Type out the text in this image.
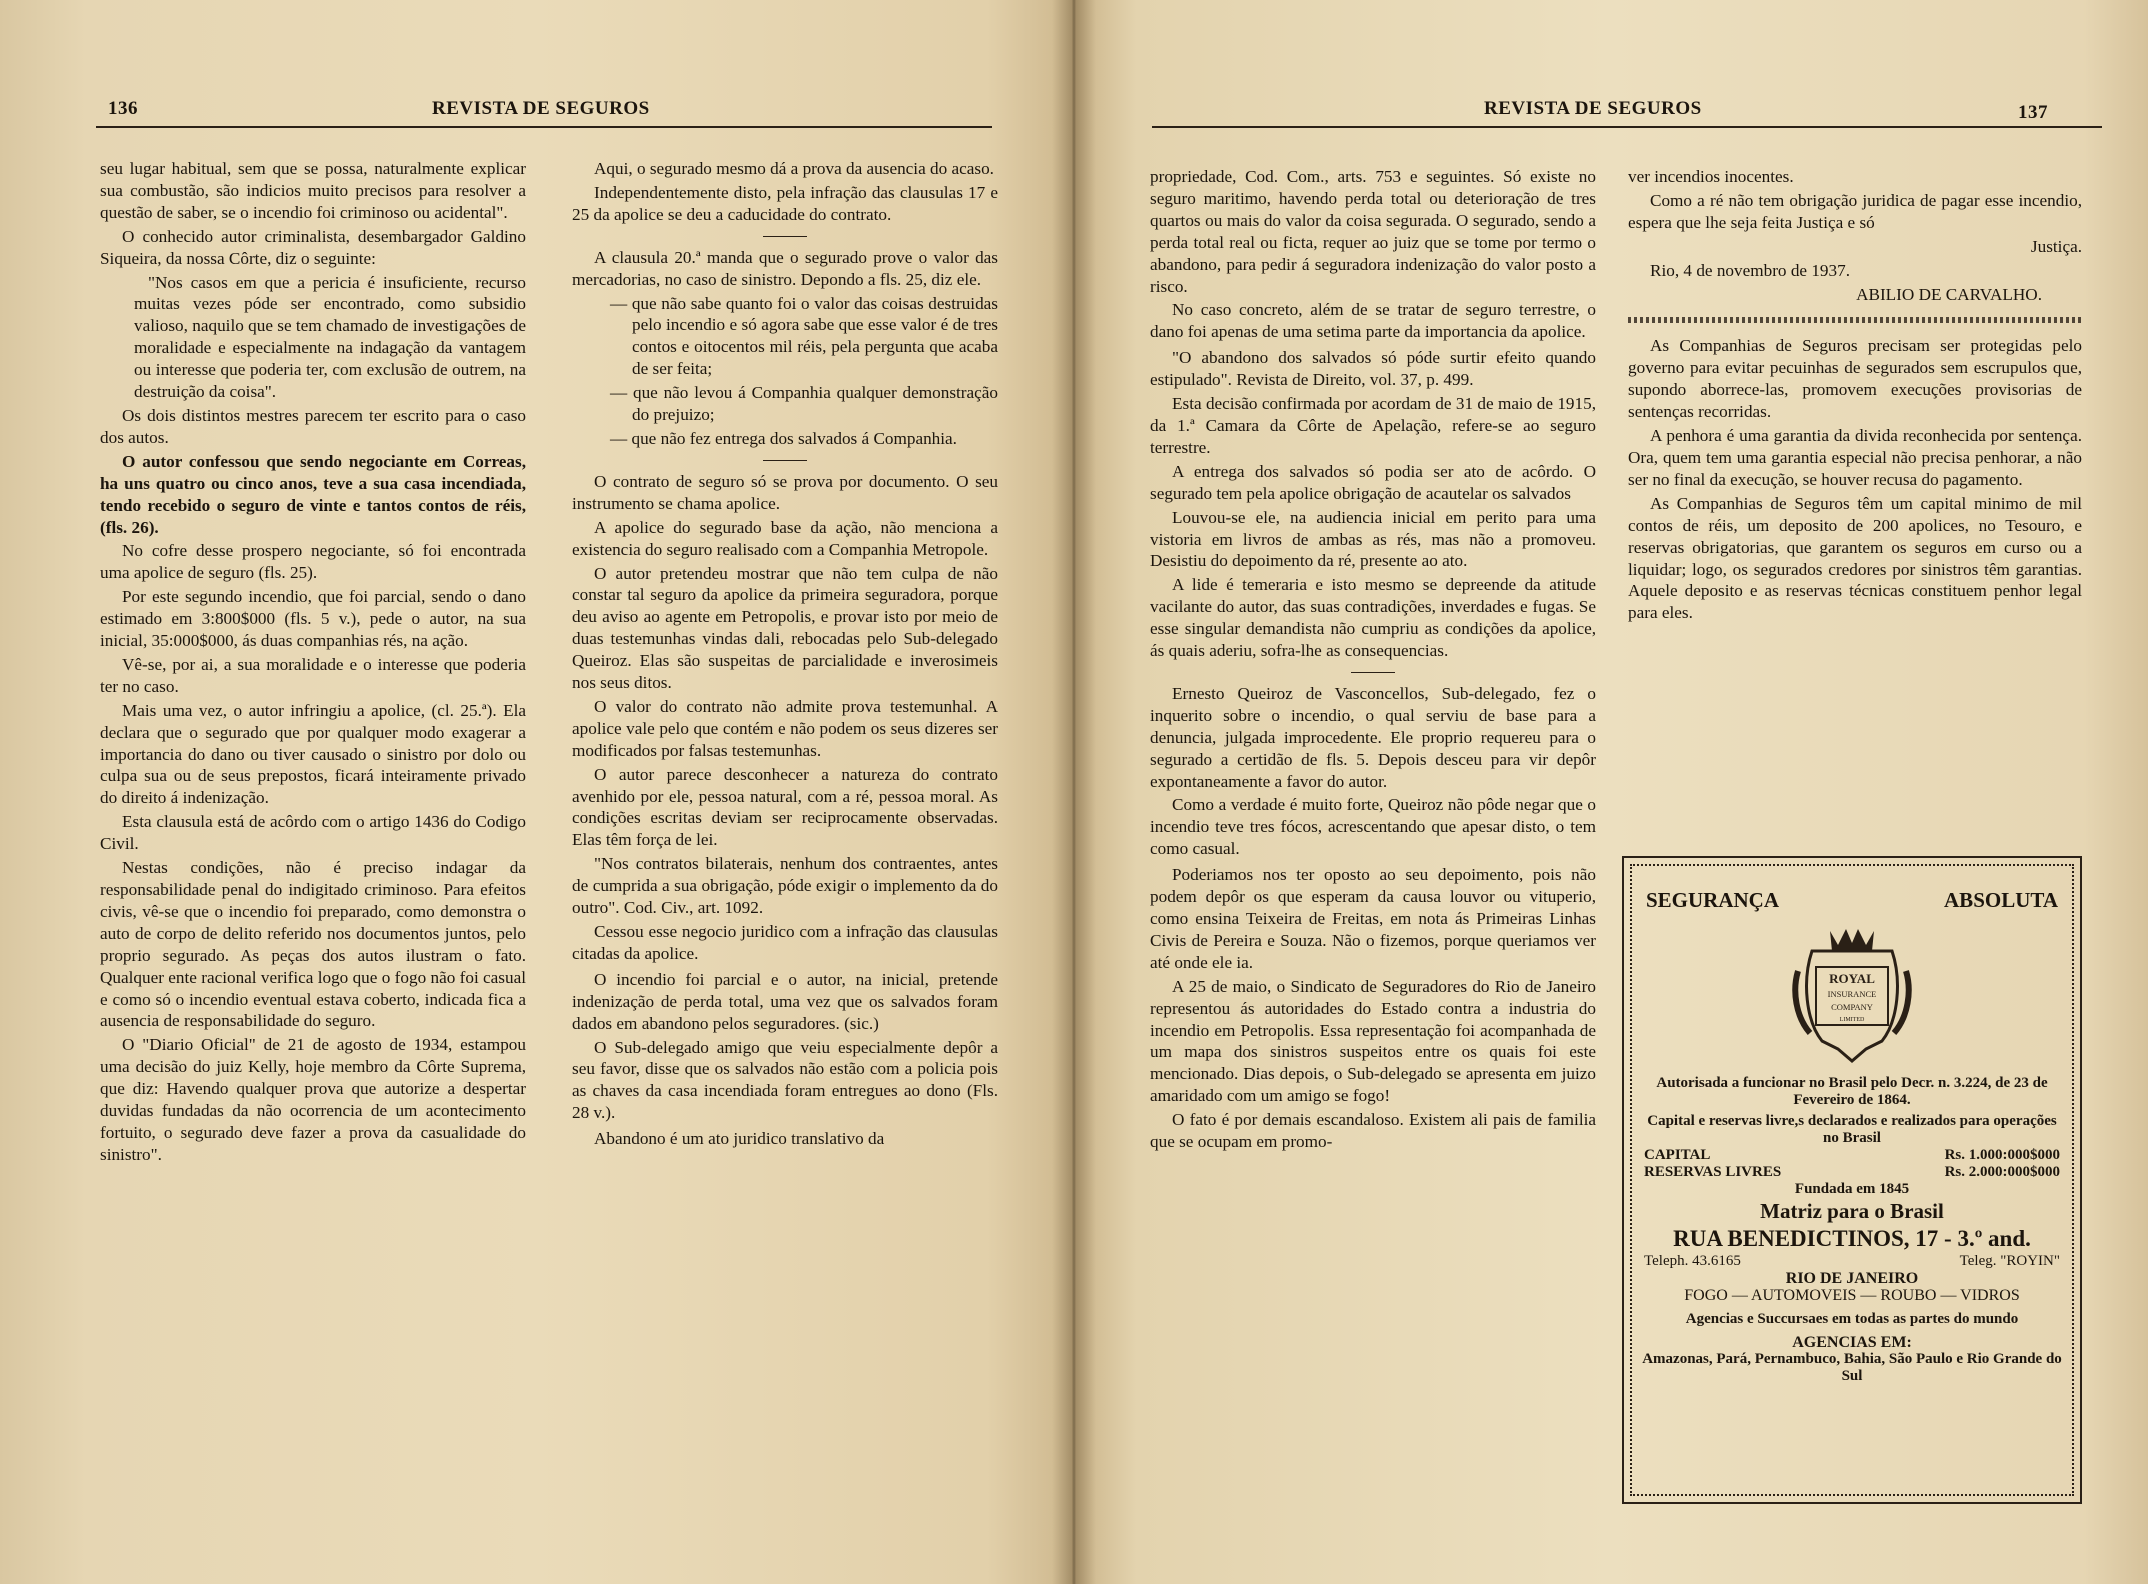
136	REVISTA DE SEGUROS

seu lugar habitual, sem que se possa, naturalmente explicar sua combustão, são indicios muito precisos para resolver a questão de saber, se o incendio foi criminoso ou acidental".

O conhecido autor criminalista, desembargador Galdino Siqueira, da nossa Côrte, diz o seguinte:

"Nos casos em que a pericia é insuficiente, recurso muitas vezes póde ser encontrado, como subsidio valioso, naquilo que se tem chamado de investigações de moralidade e especialmente na indagação da vantagem ou interesse que poderia ter, com exclusão de outrem, na destruição da coisa".

Os dois distintos mestres parecem ter escrito para o caso dos autos.

O autor confessou que sendo negociante em Correas, ha uns quatro ou cinco anos, teve a sua casa incendiada, tendo recebido o seguro de vinte e tantos contos de réis, (fls. 26).

No cofre desse prospero negociante, só foi encontrada uma apolice de seguro (fls. 25).

Por este segundo incendio, que foi parcial, sendo o dano estimado em 3:800$000 (fls. 5 v.), pede o autor, na sua inicial, 35:000$000, ás duas companhias rés, na ação.

Vê-se, por ai, a sua moralidade e o interesse que poderia ter no caso.

Mais uma vez, o autor infringiu a apolice, (cl. 25.ª). Ela declara que o segurado que por qualquer modo exagerar a importancia do dano ou tiver causado o sinistro por dolo ou culpa sua ou de seus prepostos, ficará inteiramente privado do direito á indenização.

Esta clausula está de acôrdo com o artigo 1436 do Codigo Civil.

Nestas condições, não é preciso indagar da responsabilidade penal do indigitado criminoso. Para efeitos civis, vê-se que o incendio foi preparado, como demonstra o auto de corpo de delito referido nos documentos juntos, pelo proprio segurado. As peças dos autos ilustram o fato. Qualquer ente racional verifica logo que o fogo não foi casual e como só o incendio eventual estava coberto, indicada fica a ausencia de responsabilidade do seguro.

O "Diario Oficial" de 21 de agosto de 1934, estampou uma decisão do juiz Kelly, hoje membro da Côrte Suprema, que diz: Havendo qualquer prova que autorize a despertar duvidas fundadas da não ocorrencia de um acontecimento fortuito, o segurado deve fazer a prova da casualidade do sinistro".

Aqui, o segurado mesmo dá a prova da ausencia do acaso.

Independentemente disto, pela infração das clausulas 17 e 25 da apolice se deu a caducidade do contrato.

A clausula 20.ª manda que o segurado prove o valor das mercadorias, no caso de sinistro. Depondo a fls. 25, diz ele.

— que não sabe quanto foi o valor das coisas destruidas pelo incendio e só agora sabe que esse valor é de tres contos e oitocentos mil réis, pela pergunta que acaba de ser feita;

— que não levou á Companhia qualquer demonstração do prejuizo;

— que não fez entrega dos salvados á Companhia.

O contrato de seguro só se prova por documento. O seu instrumento se chama apolice.

A apolice do segurado base da ação, não menciona a existencia do seguro realisado com a Companhia Metropole.

O autor pretendeu mostrar que não tem culpa de não constar tal seguro da apolice da primeira seguradora, porque deu aviso ao agente em Petropolis, e provar isto por meio de duas testemunhas vindas dali, rebocadas pelo Sub-delegado Queiroz. Elas são suspeitas de parcialidade e inverosimeis nos seus ditos.

O valor do contrato não admite prova testemunhal. A apolice vale pelo que contém e não podem os seus dizeres ser modificados por falsas testemunhas.

O autor parece desconhecer a natureza do contrato avenhido por ele, pessoa natural, com a ré, pessoa moral. As condições escritas deviam ser reciprocamente observadas. Elas têm força de lei.

"Nos contratos bilaterais, nenhum dos contraentes, antes de cumprida a sua obrigação, póde exigir o implemento da do outro". Cod. Civ., art. 1092.

Cessou esse negocio juridico com a infração das clausulas citadas da apolice.

O incendio foi parcial e o autor, na inicial, pretende indenização de perda total, uma vez que os salvados foram dados em abandono pelos seguradores. (sic.)

O Sub-delegado amigo que veiu especialmente depôr a seu favor, disse que os salvados não estão com a policia pois as chaves da casa incendiada foram entregues ao dono (Fls. 28 v.).

Abandono é um ato juridico translativo da

REVISTA DE SEGUROS	137

propriedade, Cod. Com., arts. 753 e seguintes. Só existe no seguro maritimo, havendo perda total ou deterioração de tres quartos ou mais do valor da coisa segurada. O segurado, sendo a perda total real ou ficta, requer ao juiz que se tome por termo o abandono, para pedir á seguradora indenização do valor posto a risco.

No caso concreto, além de se tratar de seguro terrestre, o dano foi apenas de uma setima parte da importancia da apolice.

"O abandono dos salvados só póde surtir efeito quando estipulado". Revista de Direito, vol. 37, p. 499.

Esta decisão confirmada por acordam de 31 de maio de 1915, da 1.ª Camara da Côrte de Apelação, refere-se ao seguro terrestre.

A entrega dos salvados só podia ser ato de acôrdo. O segurado tem pela apolice obrigação de acautelar os salvados

Louvou-se ele, na audiencia inicial em perito para uma vistoria em livros de ambas as rés, mas não a promoveu. Desistiu do depoimento da ré, presente ao ato.

A lide é temeraria e isto mesmo se depreende da atitude vacilante do autor, das suas contradições, inverdades e fugas. Se esse singular demandista não cumpriu as condições da apolice, ás quais aderiu, sofra-lhe as consequencias.

Ernesto Queiroz de Vasconcellos, Sub-delegado, fez o inquerito sobre o incendio, o qual serviu de base para a denuncia, julgada improcedente. Ele proprio requereu para o segurado a certidão de fls. 5. Depois desceu para vir depôr expontaneamente a favor do autor.

Como a verdade é muito forte, Queiroz não pôde negar que o incendio teve tres fócos, acrescentando que apesar disto, o tem como casual.

Poderiamos nos ter oposto ao seu depoimento, pois não podem depôr os que esperam da causa louvor ou vituperio, como ensina Teixeira de Freitas, em nota ás Primeiras Linhas Civis de Pereira e Souza. Não o fizemos, porque queriamos ver até onde ele ia.

A 25 de maio, o Sindicato de Seguradores do Rio de Janeiro representou ás autoridades do Estado contra a industria do incendio em Petropolis. Essa representação foi acompanhada de um mapa dos sinistros suspeitos entre os quais foi este mencionado. Dias depois, o Sub-delegado se apresenta em juizo amaridado com um amigo se fogo!

O fato é por demais escandaloso. Existem ali pais de familia que se ocupam em promo-

ver incendios inocentes.

Como a ré não tem obrigação juridica de pagar esse incendio, espera que lhe seja feita Justiça e só

Justiça.

Rio, 4 de novembro de 1937.

ABILIO DE CARVALHO.

As Companhias de Seguros precisam ser protegidas pelo governo para evitar pecuinhas de segurados sem escrupulos que, supondo aborrece-las, promovem execuções provisorias de sentenças recorridas.

A penhora é uma garantia da divida reconhecida por sentença. Ora, quem tem uma garantia especial não precisa penhorar, a não ser no final da execução, se houver recusa do pagamento.

As Companhias de Seguros têm um capital minimo de mil contos de réis, um deposito de 200 apolices, no Tesouro, e reservas obrigatorias, que garantem os seguros em curso ou a liquidar; logo, os segurados credores por sinistros têm garantias. Aquele deposito e as reservas técnicas constituem penhor legal para eles.

SEGURANÇA	ABSOLUTA
ROYAL
INSURANCE
COMPANY
LIMITED
Autorisada a funcionar no Brasil pelo Decr. n. 3.224, de 23 de Fevereiro de 1864.
Capital e reservas livre,s declarados e realizados para operações no Brasil
CAPITAL	Rs. 1.000:000$000
RESERVAS LIVRES	Rs. 2.000:000$000
Fundada em 1845
Matriz para o Brasil
RUA BENEDICTINOS, 17 - 3.º and.
Teleph. 43.6165	Teleg. "ROYIN"
RIO DE JANEIRO
FOGO — AUTOMOVEIS — ROUBO — VIDROS
Agencias e Succursaes em todas as partes do mundo
AGENCIAS EM:
Amazonas, Pará, Pernambuco, Bahia, São Paulo e Rio Grande do Sul
